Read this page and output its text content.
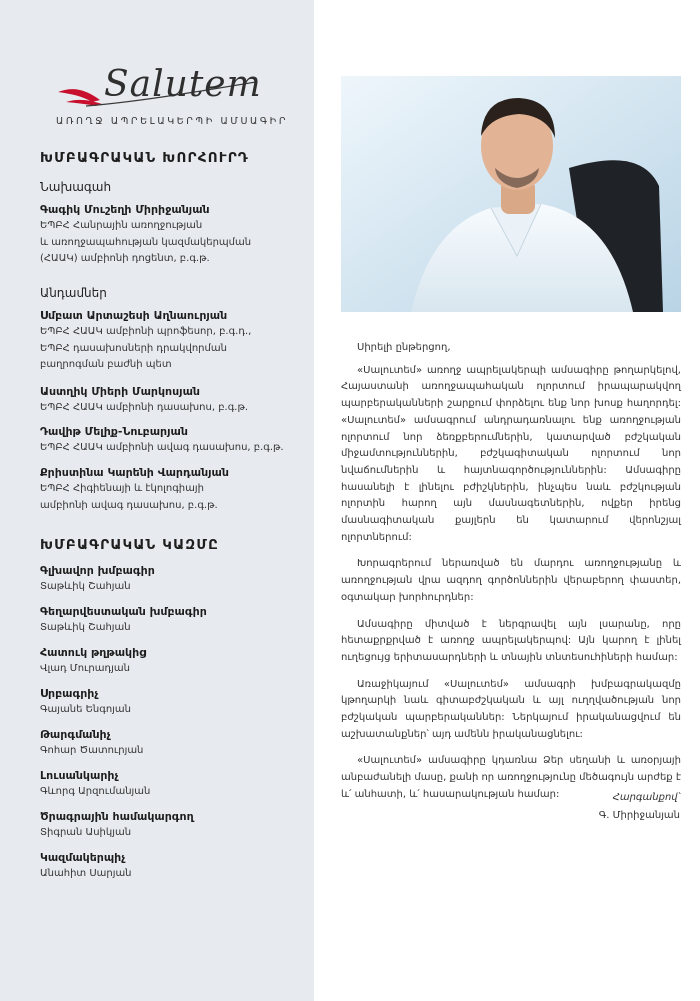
Salutem
ԱՌՈՂՋ ԱՊՐԵԼԱԿԵՐՊԻ ԱՄՍԱԳԻՐ
ԽՄԲԱԳՐԱԿԱՆ ԽՈՐՀՈՒՐԴ
Նախագահ
Գագիկ Մուշեղի Միրիջանյան
ԵՊԲՀ Հանրային առողջության
և առողջապահության կազմակերպման
(ՀԱԱԿ) ամբիոնի դոցենտ, բ.գ.թ.
Անդամներ
Սմբատ Արտաշեսի Աղնաուրյան
ԵՊԲՀ ՀԱԱԿ ամբիոնի պրոֆեսոր, բ.գ.դ.,
ԵՊԲՀ դասախոսների դրակվորման
բաղրոգման բաժնի պետ
Աստղիկ Միերի Մարկոսյան
ԵՊԲՀ ՀԱԱԿ ամբիոնի դասախոս, բ.գ.թ.
Դավիթ Մելիք-Նուբարյան
ԵՊԲՀ ՀԱԱԿ ամբիոնի ավագ դասախոս, բ.գ.թ.
Քրիստինա Կարենի Վարդանյան
ԵՊԲՀ Հիգիենայի և էկոլոգիայի
ամբիոնի ավագ դասախոս, բ.գ.թ.
ԽՄԲԱԳՐԱԿԱՆ ԿԱԶՄԸ
Գլխավոր խմբագիր
Տաթևիկ Շահյան
Գեղարվեստական խմբագիր
Տաթևիկ Շահյան
Հատուկ թղթակից
Վլադ Մուրադյան
Սրբագրիչ
Գայանե Ենգոյան
Թարգմանիչ
Գոհար Ծատուրյան
Լուսանկարիչ
Գևորգ Արզումանյան
Ծրագրային համակարգող
Տիգրան Ասիկյան
Կազմակերպիչ
Անահիտ Սարյան

Սիրելի ընթերցող,

«Սալուտեմ» առողջ ապրելակերպի ամսագիրը թողարկելով, Հայաստանի առողջապահական ոլորտում իրապարակվող պարբերականների շարքում փորձելու ենք նոր խոսք հաղորդել: «Սալուտեմ» ամսագրում անդրադառնալու ենք առողջության ոլորտում նոր ձեռքբերումներին, կատարված բժշկական միջամտություններին, բժշկագիտական ոլորտում նոր նվաճումներին և հայտնագործություններին: Ամսագիրը հասանելի է լինելու բժիշկներին, ինչպես նաև բժշկության ոլորտին հարող այն մասնագետներին, ովքեր իրենց մասնագիտական քայլերն են կատարում վերոնշյալ ոլորտներում:

Խորագրերում ներառված են մարդու առողջությանը և առողջության վրա ազդող գործոններին վերաբերող փաստեր, օգտակար խորհուրդներ:

Ամսագիրը միտված է ներգրավել այն լսարանը, որը հետաքրքրված է առողջ ապրելակերպով: Այն կարող է լինել ուղեցույց երիտասարդների և տնային տնտեսուհիների համար:

Առաջիկայում «Սալուտեմ» ամսագրի խմբագրակազմը կթողարկի նաև գիտաբժշկական և այլ ուղղվածության նոր բժշկական պարբերականներ: Ներկայում իրականացվում են աշխատանքներ՝ այդ ամենն իրականացնելու:

«Սալուտեմ» ամսագիրը կդառնա Ձեր սեղանի և առօրյայի անբաժանելի մասը, քանի որ առողջությունը մեծագույն արժեք է և՛ անհատի, և՛ հասարակության համար:	Հարգանքով՝
Գ. Միրիջանյան
